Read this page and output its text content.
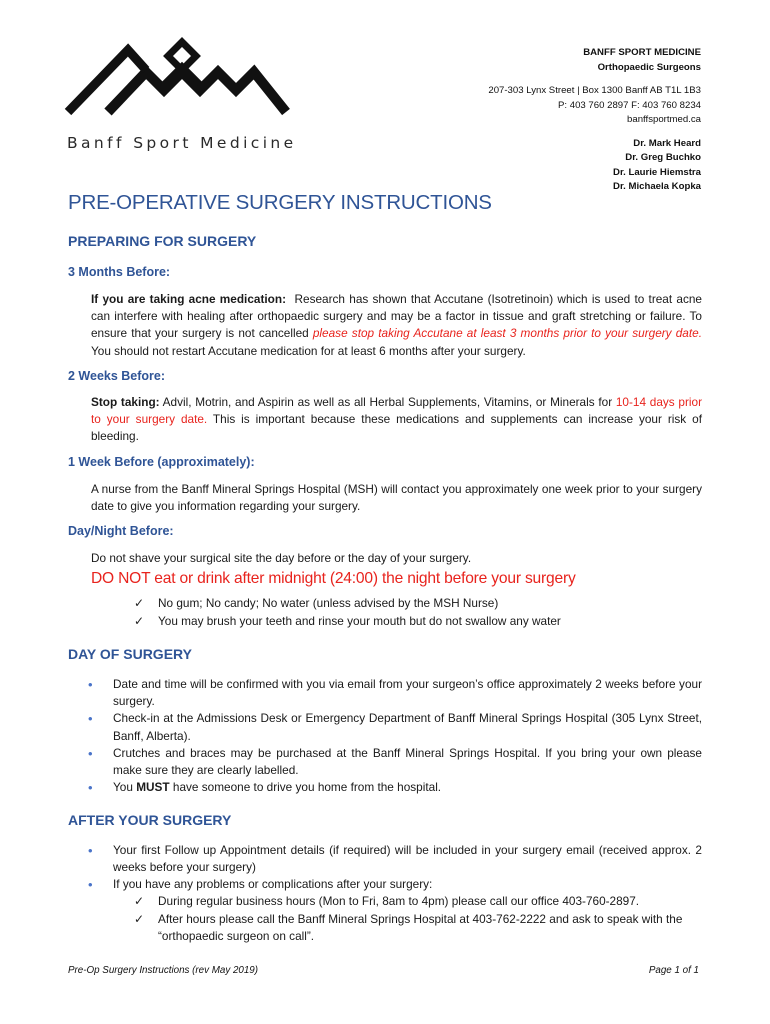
Banff Sport Medicine
BANFF SPORT MEDICINE
Orthopaedic Surgeons
207-303 Lynx Street | Box 1300 Banff AB T1L 1B3
P: 403 760 2897 F: 403 760 8234
banffsportmed.ca
Dr. Mark Heard
Dr. Greg Buchko
Dr. Laurie Hiemstra
Dr. Michaela Kopka
PRE-OPERATIVE SURGERY INSTRUCTIONS
PREPARING FOR SURGERY
3 Months Before:
If you are taking acne medication:  Research has shown that Accutane (Isotretinoin) which is used to treat acne can interfere with healing after orthopaedic surgery and may be a factor in tissue and graft stretching or failure. To ensure that your surgery is not cancelled please stop taking Accutane at least 3 months prior to your surgery date.  You should not restart Accutane medication for at least 6 months after your surgery.
2 Weeks Before:
Stop taking: Advil, Motrin, and Aspirin as well as all Herbal Supplements, Vitamins, or Minerals for 10-14 days prior to your surgery date. This is important because these medications and supplements can increase your risk of bleeding.
1 Week Before (approximately):
A nurse from the Banff Mineral Springs Hospital (MSH) will contact you approximately one week prior to your surgery date to give you information regarding your surgery.
Day/Night Before:
Do not shave your surgical site the day before or the day of your surgery.
DO NOT eat or drink after midnight (24:00) the night before your surgery
✓	No gum; No candy; No water (unless advised by the MSH Nurse)
✓	You may brush your teeth and rinse your mouth but do not swallow any water
DAY OF SURGERY
•	Date and time will be confirmed with you via email from your surgeon’s office approximately 2 weeks before your surgery.
•	Check-in at the Admissions Desk or Emergency Department of Banff Mineral Springs Hospital (305 Lynx Street, Banff, Alberta).
•	Crutches and braces may be purchased at the Banff Mineral Springs Hospital. If you bring your own please make sure they are clearly labelled.
•	You MUST have someone to drive you home from the hospital.
AFTER YOUR SURGERY
•	Your first Follow up Appointment details (if required) will be included in your surgery email (received approx. 2 weeks before your surgery)
•	If you have any problems or complications after your surgery:
✓	During regular business hours (Mon to Fri, 8am to 4pm) please call our office 403-760-2897.
✓	After hours please call the Banff Mineral Springs Hospital at 403-762-2222 and ask to speak with the “orthopaedic surgeon on call”.
Pre-Op Surgery Instructions (rev May 2019)	Page 1 of 1
